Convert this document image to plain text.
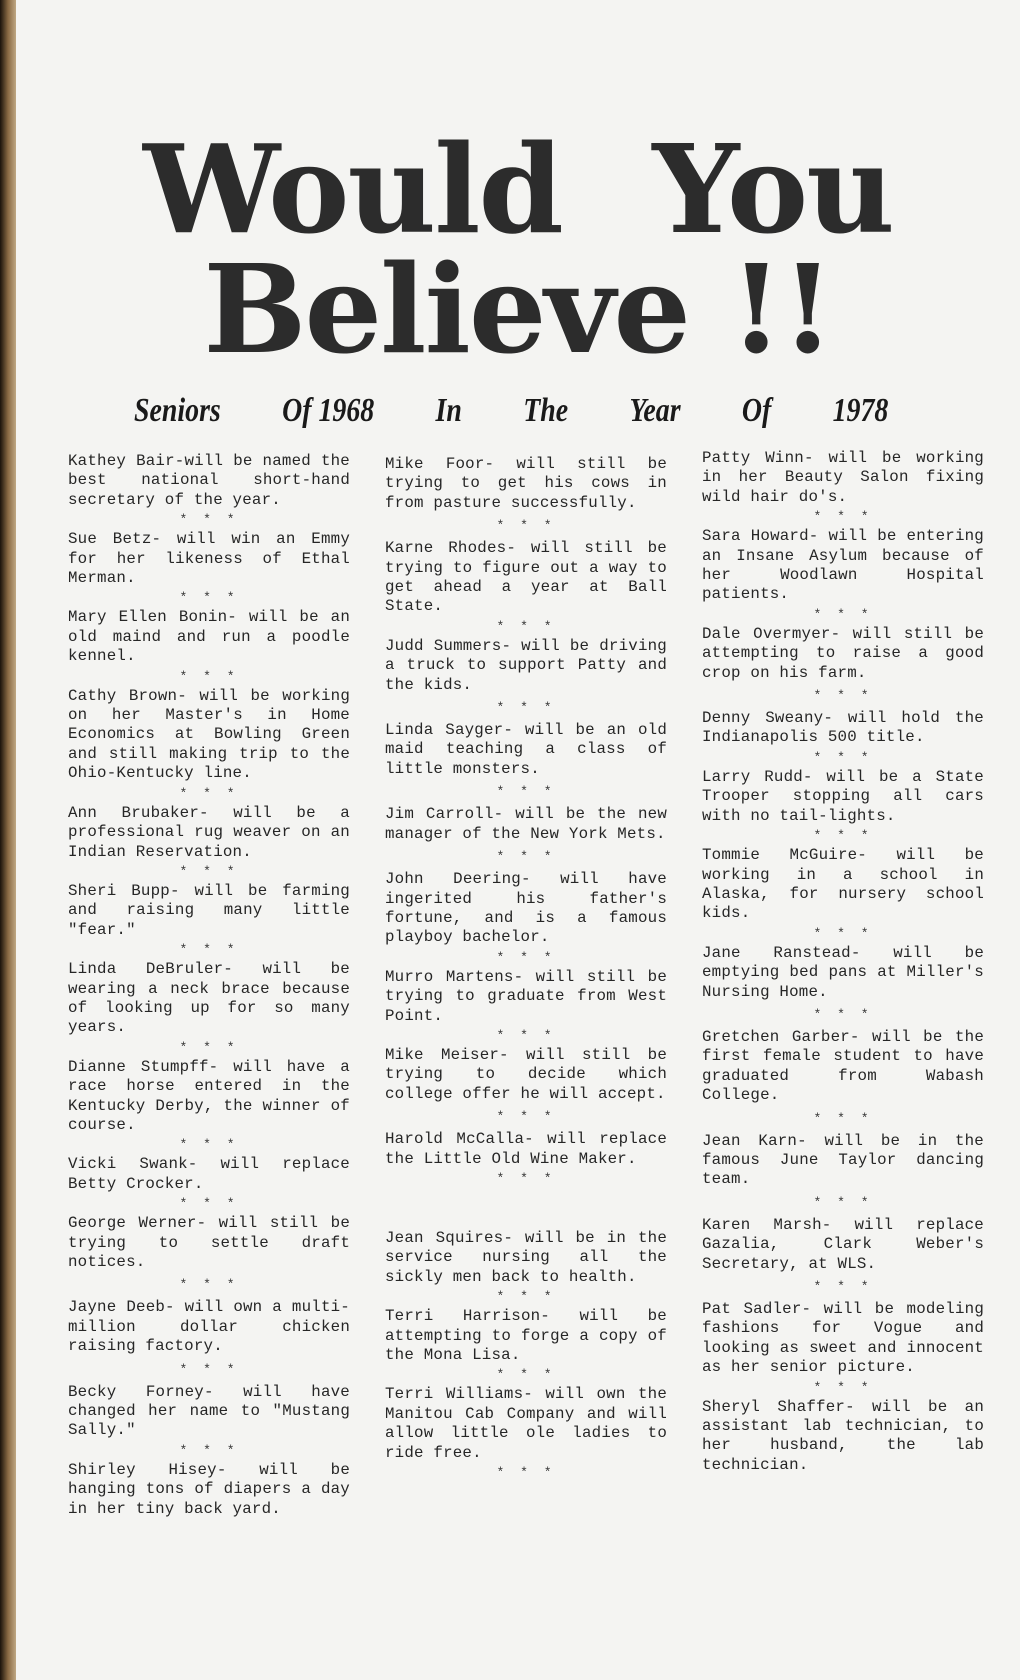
Would You
Believe !!
Seniors Of 1968 In The Year Of 1978

Kathey Bair-will be named the best national short-hand secretary of the year.

* * *

Sue Betz- will win an Emmy for her likeness of Ethal Merman.

* * *

Mary Ellen Bonin- will be an old maind and run a poodle kennel.

* * *

Cathy Brown- will be working on her Master's in Home Economics at Bowling Green and still making trip to the Ohio-Kentucky line.

* * *

Ann Brubaker- will be a professional rug weaver on an Indian Reservation.

* * *

Sheri Bupp- will be farming and raising many little "fear."

* * *

Linda DeBruler- will be wearing a neck brace because of looking up for so many years.

* * *

Dianne Stumpff- will have a race horse entered in the Kentucky Derby, the winner of course.

* * *

Vicki Swank- will replace Betty Crocker.

* * *

George Werner- will still be trying to settle draft notices.

* * *

Jayne Deeb- will own a multi-million dollar chicken raising factory.

* * *

Becky Forney- will have changed her name to "Mustang Sally."

* * *

Shirley Hisey- will be hanging tons of diapers a day in her tiny back yard.

Mike Foor- will still be trying to get his cows in from pasture successfully.

* * *

Karne Rhodes- will still be trying to figure out a way to get ahead a year at Ball State.

* * *

Judd Summers- will be driving a truck to support Patty and the kids.

* * *

Linda Sayger- will be an old maid teaching a class of little monsters.

* * *

Jim Carroll- will be the new manager of the New York Mets.

* * *

John Deering- will have ingerited his father's fortune, and is a famous playboy bachelor.

* * *

Murro Martens- will still be trying to graduate from West Point.

* * *

Mike Meiser- will still be trying to decide which college offer he will accept.

* * *

Harold McCalla- will replace the Little Old Wine Maker.

* * *

Jean Squires- will be in the service nursing all the sickly men back to health.

* * *

Terri Harrison- will be attempting to forge a copy of the Mona Lisa.

* * *

Terri Williams- will own the Manitou Cab Company and will allow little ole ladies to ride free.

* * *

Patty Winn- will be working in her Beauty Salon fixing wild hair do's.

* * *

Sara Howard- will be entering an Insane Asylum because of her Woodlawn Hospital patients.

* * *

Dale Overmyer- will still be attempting to raise a good crop on his farm.

* * *

Denny Sweany- will hold the Indianapolis 500 title.

* * *

Larry Rudd- will be a State Trooper stopping all cars with no tail-lights.

* * *

Tommie McGuire- will be working in a school in Alaska, for nursery school kids.

* * *

Jane Ranstead- will be emptying bed pans at Miller's Nursing Home.

* * *

Gretchen Garber- will be the first female student to have graduated from Wabash College.

* * *

Jean Karn- will be in the famous June Taylor dancing team.

* * *

Karen Marsh- will replace Gazalia, Clark Weber's Secretary, at WLS.

* * *

Pat Sadler- will be modeling fashions for Vogue and looking as sweet and innocent as her senior picture.

* * *

Sheryl Shaffer- will be an assistant lab technician, to her husband, the lab technician.
